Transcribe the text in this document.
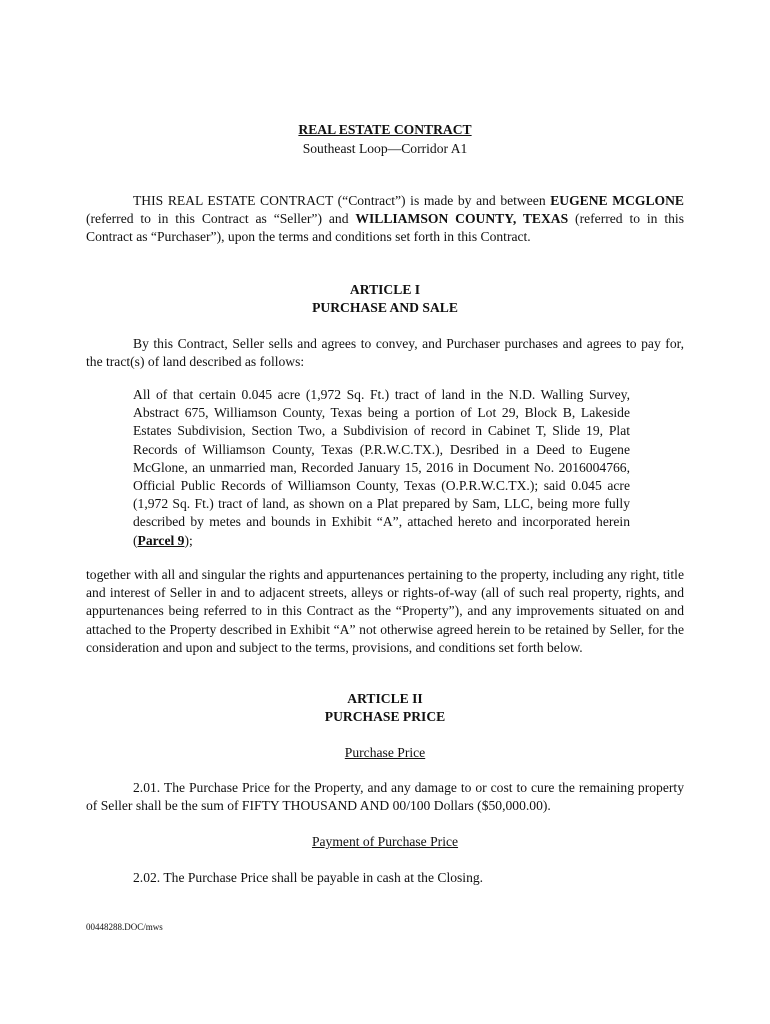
REAL ESTATE CONTRACT

Southeast Loop—Corridor A1

THIS REAL ESTATE CONTRACT (“Contract”) is made by and between EUGENE MCGLONE (referred to in this Contract as “Seller”) and WILLIAMSON COUNTY, TEXAS (referred to in this Contract as “Purchaser”), upon the terms and conditions set forth in this Contract.

ARTICLE I

PURCHASE AND SALE

By this Contract, Seller sells and agrees to convey, and Purchaser purchases and agrees to pay for, the tract(s) of land described as follows:

All of that certain 0.045 acre (1,972 Sq. Ft.) tract of land in the N.D. Walling Survey, Abstract 675, Williamson County, Texas being a portion of Lot 29, Block B, Lakeside Estates Subdivision, Section Two, a Subdivision of record in Cabinet T, Slide 19, Plat Records of Williamson County, Texas (P.R.W.C.TX.), Desribed in a Deed to Eugene McGlone, an unmarried man, Recorded January 15, 2016 in Document No. 2016004766, Official Public Records of Williamson County, Texas (O.P.R.W.C.TX.); said 0.045 acre (1,972 Sq. Ft.) tract of land, as shown on a Plat prepared by Sam, LLC, being more fully described by metes and bounds in Exhibit “A”, attached hereto and incorporated herein (Parcel 9);

together with all and singular the rights and appurtenances pertaining to the property, including any right, title and interest of Seller in and to adjacent streets, alleys or rights-of-way (all of such real property, rights, and appurtenances being referred to in this Contract as the “Property”), and any improvements situated on and attached to the Property described in Exhibit “A” not otherwise agreed herein to be retained by Seller, for the consideration and upon and subject to the terms, provisions, and conditions set forth below.

ARTICLE II

PURCHASE PRICE

Purchase Price

2.01. The Purchase Price for the Property, and any damage to or cost to cure the remaining property of Seller shall be the sum of FIFTY THOUSAND AND 00/100 Dollars ($50,000.00).

Payment of Purchase Price

2.02. The Purchase Price shall be payable in cash at the Closing.

00448288.DOC/mws
